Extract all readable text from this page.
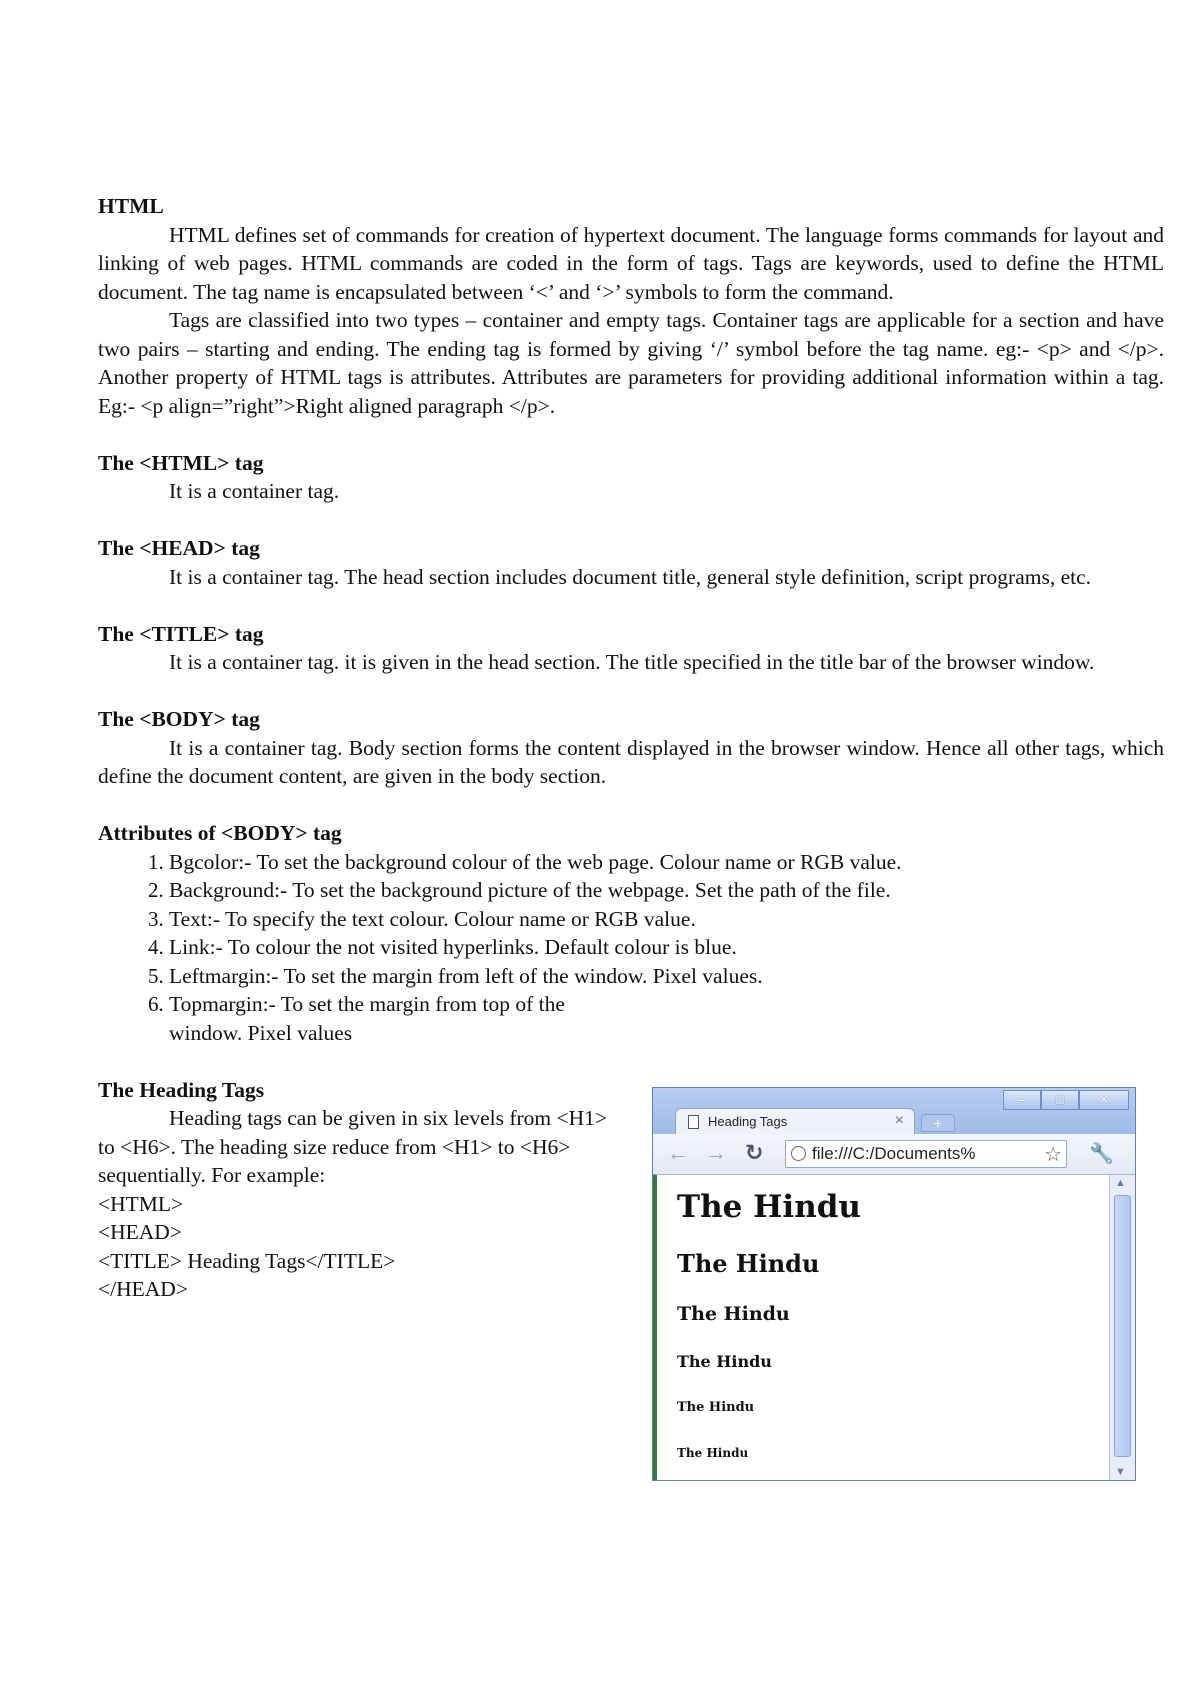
HTML

HTML defines set of commands for creation of hypertext document. The language forms commands for layout and linking of web pages. HTML commands are coded in the form of tags. Tags are keywords, used to define the HTML document. The tag name is encapsulated between ‘<’ and ‘>’ symbols to form the command.

Tags are classified into two types – container and empty tags. Container tags are applicable for a section and have two pairs – starting and ending. The ending tag is formed by giving ‘/’ symbol before the tag name. eg:- <p> and </p>. Another property of HTML tags is attributes. Attributes are parameters for providing additional information within a tag. Eg:- <p align=”right”>Right aligned paragraph </p>.

The <HTML> tag

It is a container tag.

The <HEAD> tag

It is a container tag. The head section includes document title, general style definition, script programs, etc.

The <TITLE> tag

It is a container tag. it is given in the head section. The title specified in the title bar of the browser window.

The <BODY> tag

It is a container tag. Body section forms the content displayed in the browser window. Hence all other tags, which define the document content, are given in the body section.

Attributes of <BODY> tag

1. Bgcolor:- To set the background colour of the web page. Colour name or RGB value.
2. Background:- To set the background picture of the webpage. Set the path of the file.
3. Text:- To specify the text colour. Colour name or RGB value.
4. Link:- To colour the not visited hyperlinks. Default colour is blue.
5. Leftmargin:- To set the margin from left of the window. Pixel values.
6. Topmargin:- To set the margin from top of the window. Pixel values

The Heading Tags

Heading tags can be given in six levels from <H1> to <H6>. The heading size reduce from <H1> to <H6> sequentially. For example:

<HTML>

<HEAD>

<TITLE> Heading Tags</TITLE>

</HEAD>

‒	□	✕
Heading Tags	×	+
← → ↻	file:///C:/Documents%	☆ 🔧
The Hindu
The Hindu
The Hindu
The Hindu
The Hindu
The Hindu
▲
▼
